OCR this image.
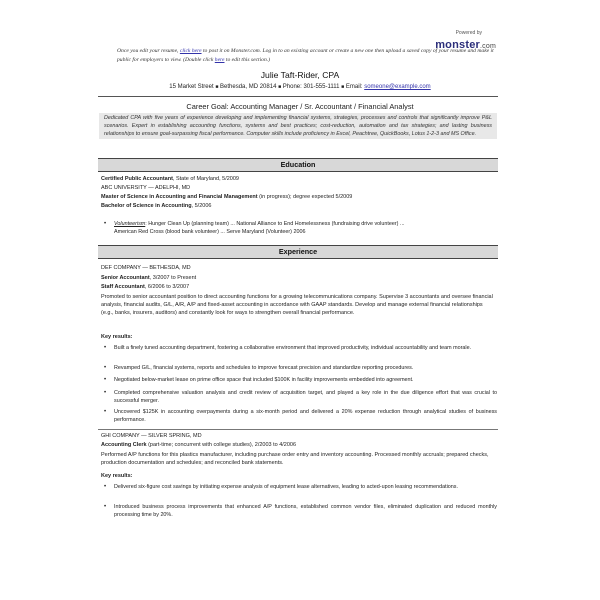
Powered by
monster.com
Once you edit your resume, click here to post it on Monster.com. Log in to an existing account or create a new one then upload a saved copy of your resume and make it public for employers to view. (Double click here to edit this section.)
Julie Taft-Rider, CPA
15 Market Street ■ Bethesda, MD 20814 ■ Phone: 301-555-1111 ■ Email: someone@example.com
Career Goal: Accounting Manager / Sr. Accountant / Financial Analyst
Dedicated CPA with five years of experience developing and implementing financial systems, strategies, processes and controls that significantly improve P&L scenarios. Expert in establishing accounting functions, systems and best practices; cost-reduction, automation and tax strategies; and lasting business relationships to ensure goal-surpassing fiscal performance. Computer skills include proficiency in Excel, Peachtree, QuickBooks, Lotus 1-2-3 and MS Office.
Education
Certified Public Accountant, State of Maryland, 5/2009
ABC UNIVERSITY — ADELPHI, MD
Master of Science in Accounting and Financial Management (in progress); degree expected 5/2009
Bachelor of Science in Accounting, 5/2006
• Volunteerism: Hunger Clean Up (planning team) ... National Alliance to End Homelessness (fundraising drive volunteer) ...
American Red Cross (blood bank volunteer) ... Serve Maryland (Volunteer) 2006
Experience
DEF COMPANY — BETHESDA, MD
Senior Accountant, 3/2007 to Present
Staff Accountant, 6/2006 to 3/2007
Promoted to senior accountant position to direct accounting functions for a growing telecommunications company. Supervise 3 accountants and oversee financial analysis, financial audits, G/L, A/R, A/P and fixed-asset accounting in accordance with GAAP standards. Develop and manage external financial relationships (e.g., banks, insurers, auditors) and constantly look for ways to strengthen overall financial performance.
Key results:
• Built a finely tuned accounting department, fostering a collaborative environment that improved productivity, individual accountability and team morale.
• Revamped G/L, financial systems, reports and schedules to improve forecast precision and standardize reporting procedures.
• Negotiated below-market lease on prime office space that included $100K in facility improvements embedded into agreement.
• Completed comprehensive valuation analysis and credit review of acquisition target, and played a key role in the due diligence effort that was crucial to successful merger.
• Uncovered $125K in accounting overpayments during a six-month period and delivered a 20% expense reduction through analytical studies of business performance.
GHI COMPANY — SILVER SPRING, MD
Accounting Clerk (part-time; concurrent with college studies), 2/2003 to 4/2006
Performed A/P functions for this plastics manufacturer, including purchase order entry and inventory accounting. Processed monthly accruals; prepared checks, production documentation and schedules; and reconciled bank statements.
Key results:
• Delivered six-figure cost savings by initiating expense analysis of equipment lease alternatives, leading to acted-upon leasing recommendations.
• Introduced business process improvements that enhanced A/P functions, established common vendor files, eliminated duplication and reduced monthly processing time by 20%.
